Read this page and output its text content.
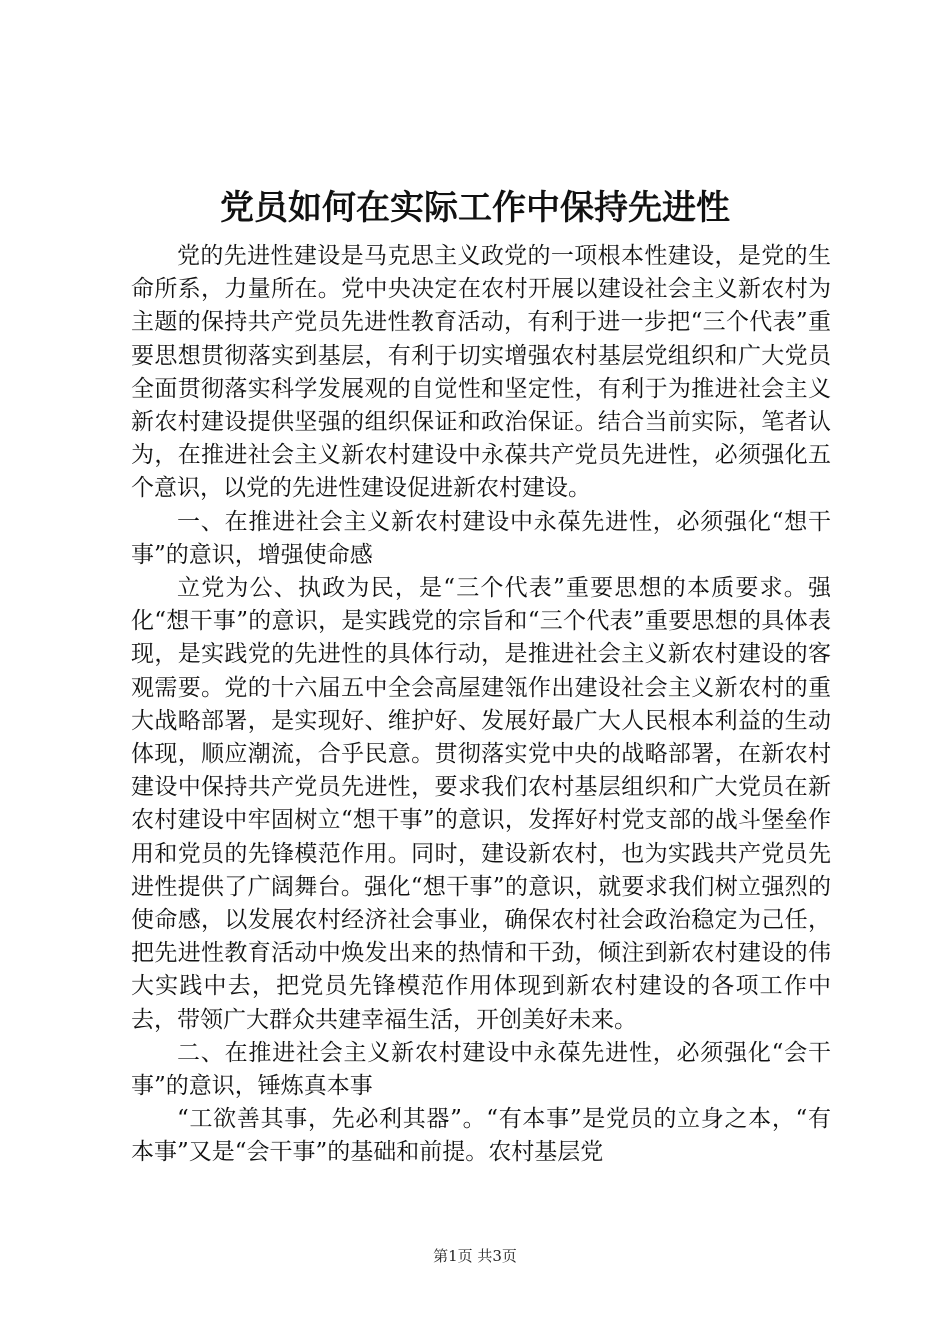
党员如何在实际工作中保持先进性

党的先进性建设是马克思主义政党的一项根本性建设，是党的生命所系，力量所在。党中央决定在农村开展以建设社会主义新农村为主题的保持共产党员先进性教育活动，有利于进一步把“三个代表”重要思想贯彻落实到基层，有利于切实增强农村基层党组织和广大党员全面贯彻落实科学发展观的自觉性和坚定性，有利于为推进社会主义新农村建设提供坚强的组织保证和政治保证。结合当前实际，笔者认为，在推进社会主义新农村建设中永葆共产党员先进性，必须强化五个意识，以党的先进性建设促进新农村建设。

一、在推进社会主义新农村建设中永葆先进性，必须强化“想干事”的意识，增强使命感

立党为公、执政为民，是“三个代表”重要思想的本质要求。强化“想干事”的意识，是实践党的宗旨和“三个代表”重要思想的具体表现，是实践党的先进性的具体行动，是推进社会主义新农村建设的客观需要。党的十六届五中全会高屋建瓴作出建设社会主义新农村的重大战略部署，是实现好、维护好、发展好最广大人民根本利益的生动体现，顺应潮流，合乎民意。贯彻落实党中央的战略部署，在新农村建设中保持共产党员先进性，要求我们农村基层组织和广大党员在新农村建设中牢固树立“想干事”的意识，发挥好村党支部的战斗堡垒作用和党员的先锋模范作用。同时，建设新农村，也为实践共产党员先进性提供了广阔舞台。强化“想干事”的意识，就要求我们树立强烈的使命感，以发展农村经济社会事业，确保农村社会政治稳定为己任，把先进性教育活动中焕发出来的热情和干劲，倾注到新农村建设的伟大实践中去，把党员先锋模范作用体现到新农村建设的各项工作中去，带领广大群众共建幸福生活，开创美好未来。

二、在推进社会主义新农村建设中永葆先进性，必须强化“会干事”的意识，锤炼真本事

“工欲善其事，先必利其器”。“有本事”是党员的立身之本，“有本事”又是“会干事”的基础和前提。农村基层党

第1页 共3页
